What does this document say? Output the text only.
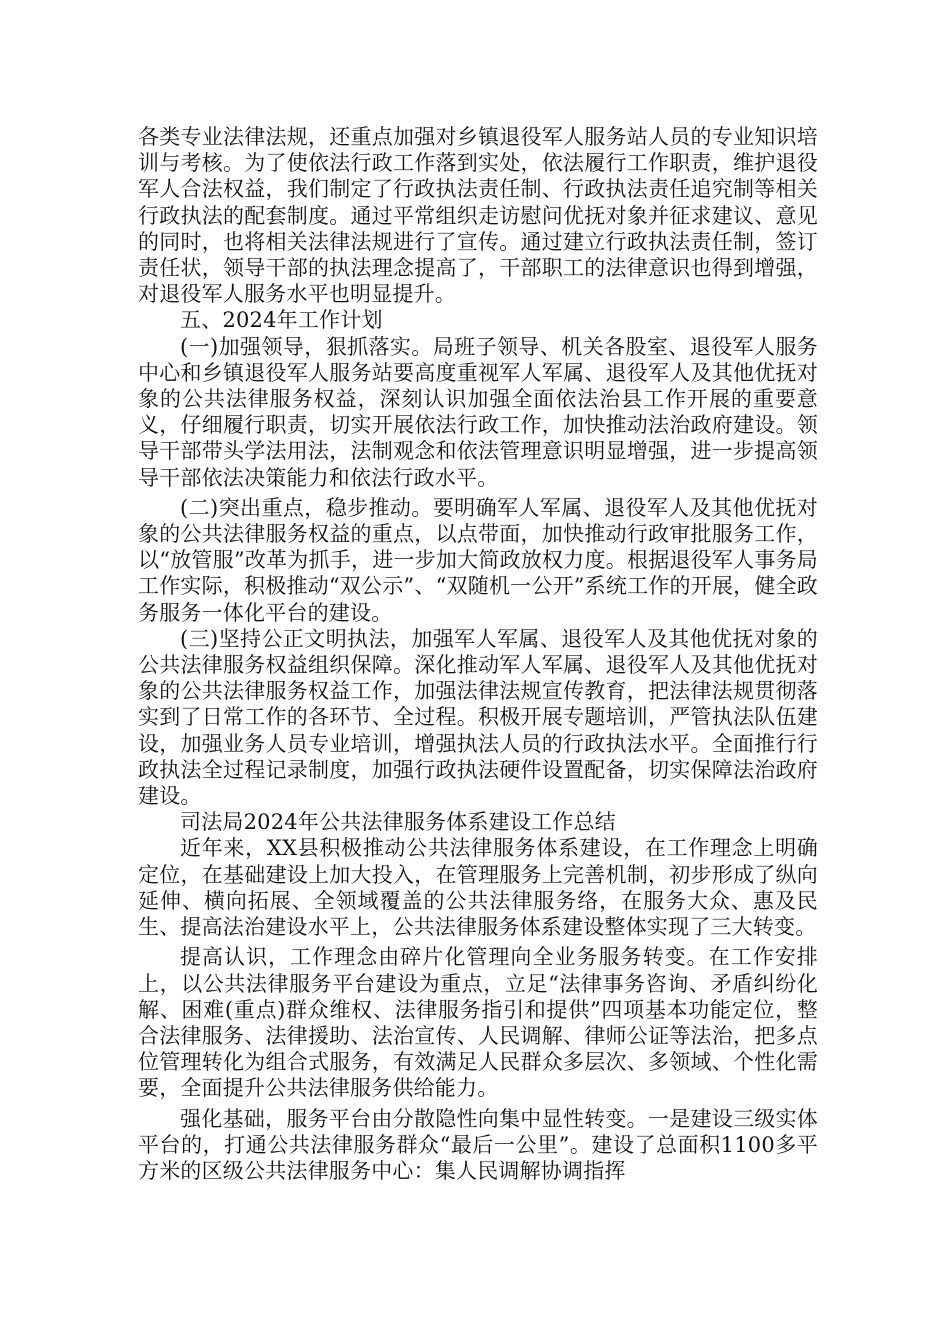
各类专业法律法规，还重点加强对乡镇退役军人服务站人员的专业知识培训与考核。为了使依法行政工作落到实处，依法履行工作职责，维护退役军人合法权益，我们制定了行政执法责任制、行政执法责任追究制等相关行政执法的配套制度。通过平常组织走访慰问优抚对象并征求建议、意见的同时，也将相关法律法规进行了宣传。通过建立行政执法责任制，签订责任状，领导干部的执法理念提高了，干部职工的法律意识也得到增强，对退役军人服务水平也明显提升。

五、2024年工作计划

(一)加强领导，狠抓落实。局班子领导、机关各股室、退役军人服务中心和乡镇退役军人服务站要高度重视军人军属、退役军人及其他优抚对象的公共法律服务权益，深刻认识加强全面依法治县工作开展的重要意义，仔细履行职责，切实开展依法行政工作，加快推动法治政府建设。领导干部带头学法用法，法制观念和依法管理意识明显增强，进一步提高领导干部依法决策能力和依法行政水平。

(二)突出重点，稳步推动。要明确军人军属、退役军人及其他优抚对象的公共法律服务权益的重点，以点带面，加快推动行政审批服务工作，以“放管服”改革为抓手，进一步加大简政放权力度。根据退役军人事务局工作实际，积极推动“双公示”、“双随机一公开”系统工作的开展，健全政务服务一体化平台的建设。

(三)坚持公正文明执法，加强军人军属、退役军人及其他优抚对象的公共法律服务权益组织保障。深化推动军人军属、退役军人及其他优抚对象的公共法律服务权益工作，加强法律法规宣传教育，把法律法规贯彻落实到了日常工作的各环节、全过程。积极开展专题培训，严管执法队伍建设，加强业务人员专业培训，增强执法人员的行政执法水平。全面推行行政执法全过程记录制度，加强行政执法硬件设置配备，切实保障法治政府建设。

司法局2024年公共法律服务体系建设工作总结

近年来，XX县积极推动公共法律服务体系建设，在工作理念上明确定位，在基础建设上加大投入，在管理服务上完善机制，初步形成了纵向延伸、横向拓展、全领域覆盖的公共法律服务络，在服务大众、惠及民生、提高法治建设水平上，公共法律服务体系建设整体实现了三大转变。

提高认识，工作理念由碎片化管理向全业务服务转变。在工作安排上，以公共法律服务平台建设为重点，立足“法律事务咨询、矛盾纠纷化解、困难(重点)群众维权、法律服务指引和提供”四项基本功能定位，整合法律服务、法律援助、法治宣传、人民调解、律师公证等法治，把多点位管理转化为组合式服务，有效满足人民群众多层次、多领域、个性化需要，全面提升公共法律服务供给能力。

强化基础，服务平台由分散隐性向集中显性转变。一是建设三级实体平台的，打通公共法律服务群众“最后一公里”。建设了总面积1100多平方米的区级公共法律服务中心：集人民调解协调指挥
